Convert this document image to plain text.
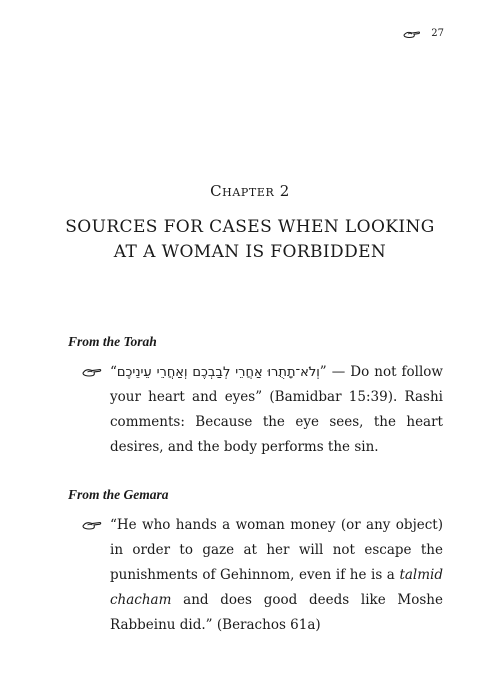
27
Chapter 2
SOURCES FOR CASES WHEN LOOKING
AT A WOMAN IS FORBIDDEN
From the Torah
“וְלֹא־תָתֻרוּ אַחֲרֵי לְבַבְכֶם וְאַחֲרֵי עֵינֵיכֶם” — Do not follow your heart and eyes” (Bamidbar 15:39). Rashi comments: Because the eye sees, the heart desires, and the body performs the sin.
From the Gemara
“He who hands a woman money (or any object) in order to gaze at her will not escape the punishments of Gehinnom, even if he is a talmid chacham and does good deeds like Moshe Rabbeinu did.” (Berachos 61a)
